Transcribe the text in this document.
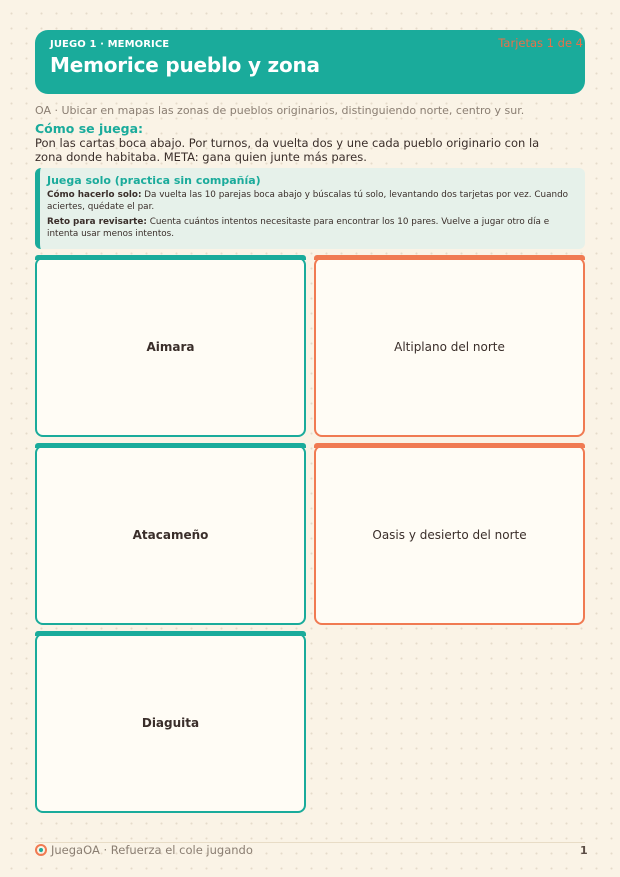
JUEGO 1 · MEMORICE
Memorice pueblo y zona
Tarjetas 1 de 4
OA · Ubicar en mapas las zonas de pueblos originarios, distinguiendo norte, centro y sur.
Cómo se juega:
Pon las cartas boca abajo. Por turnos, da vuelta dos y une cada pueblo originario con la zona donde habitaba. META: gana quien junte más pares.
Juega solo (practica sin compañía)

Cómo hacerlo solo: Da vuelta las 10 parejas boca abajo y búscalas tú solo, levantando dos tarjetas por vez. Cuando aciertes, quédate el par.

Reto para revisarte: Cuenta cuántos intentos necesitaste para encontrar los 10 pares. Vuelve a jugar otro día e intenta usar menos intentos.

Aimara	Altiplano del norte
Atacameño	Oasis y desierto del norte
Diaguita
JuegaOA · Refuerza el cole jugando	1
